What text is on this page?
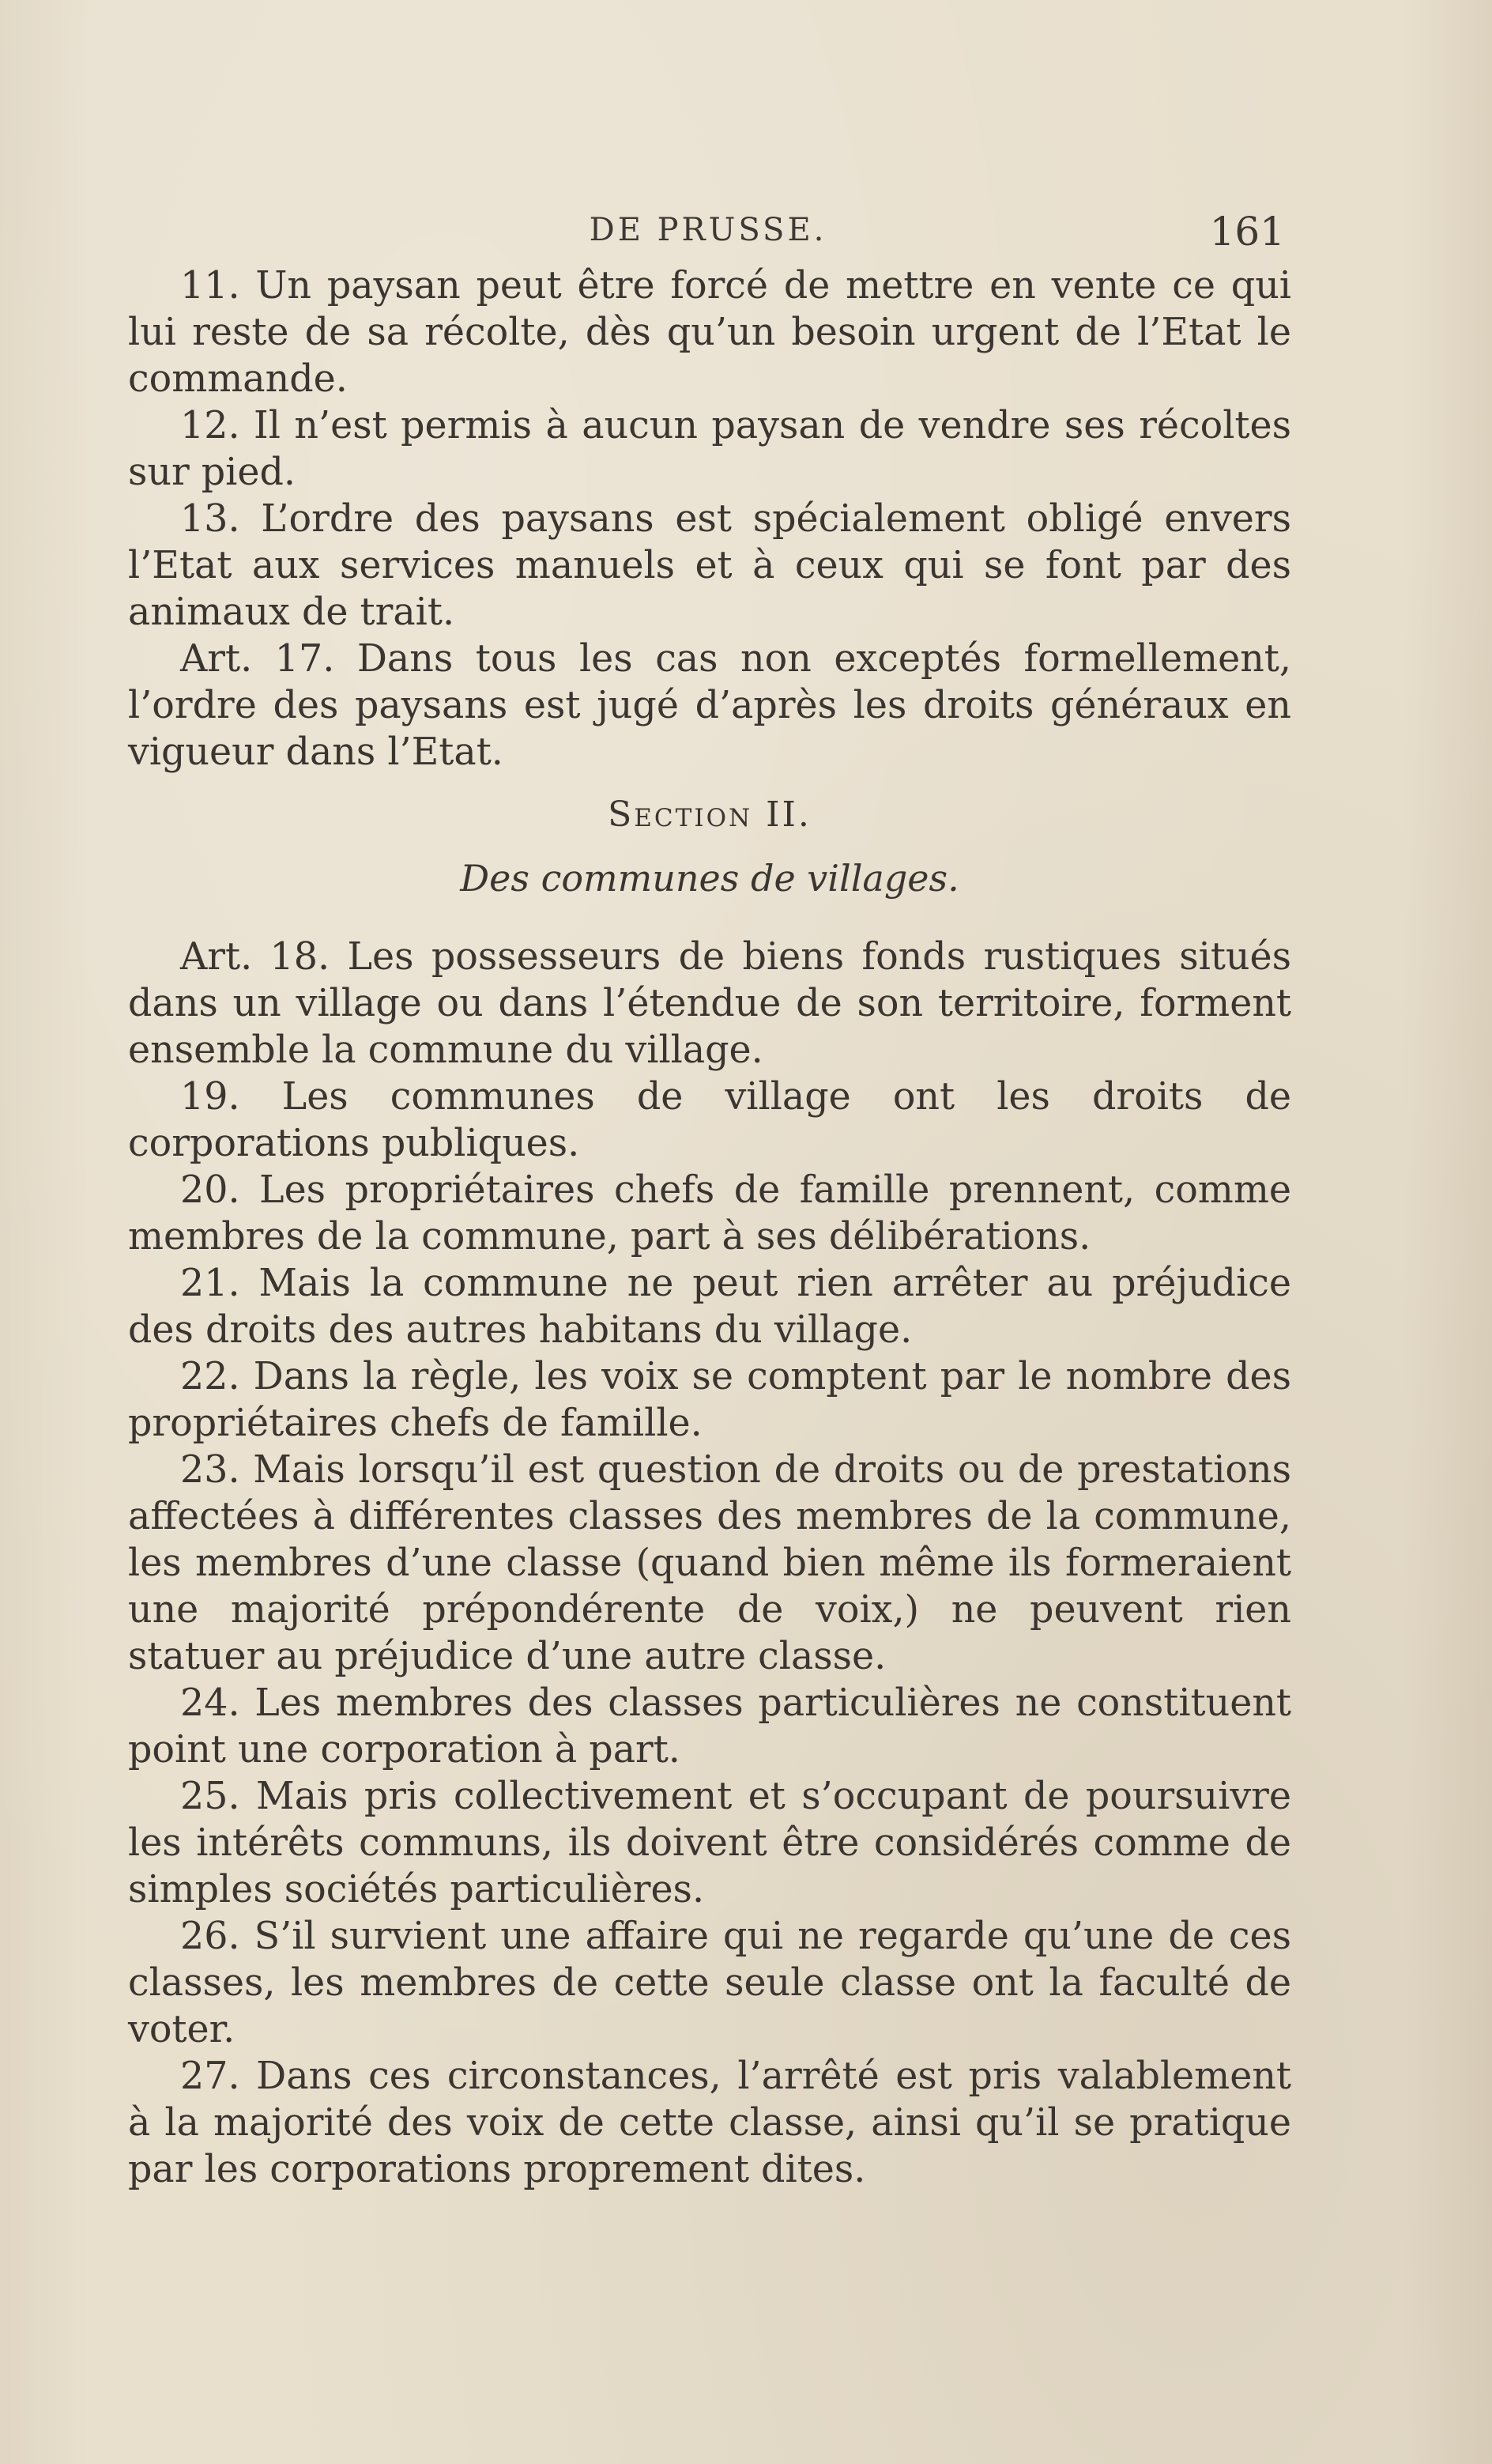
DE PRUSSE.	161

11. Un paysan peut être forcé de mettre en vente ce qui lui reste de sa récolte, dès qu’un besoin urgent de l’Etat le commande.

12. Il n’est permis à aucun paysan de vendre ses récoltes sur pied.

13. L’ordre des paysans est spécialement obligé envers l’Etat aux services manuels et à ceux qui se font par des animaux de trait.

Art. 17. Dans tous les cas non exceptés formellement, l’ordre des paysans est jugé d’après les droits généraux en vigueur dans l’Etat.

Section II.
Des communes de villages.

Art. 18. Les possesseurs de biens fonds rustiques situés dans un village ou dans l’étendue de son territoire, forment ensemble la commune du village.

19. Les communes de village ont les droits de corporations publiques.

20. Les propriétaires chefs de famille prennent, comme membres de la commune, part à ses délibérations.

21. Mais la commune ne peut rien arrêter au préjudice des droits des autres habitans du village.

22. Dans la règle, les voix se comptent par le nombre des propriétaires chefs de famille.

23. Mais lorsqu’il est question de droits ou de prestations affectées à différentes classes des membres de la commune, les membres d’une classe (quand bien même ils formeraient une majorité prépondérente de voix,) ne peuvent rien statuer au préjudice d’une autre classe.

24. Les membres des classes particulières ne constituent point une corporation à part.

25. Mais pris collectivement et s’occupant de poursuivre les intérêts communs, ils doivent être considérés comme de simples sociétés particulières.

26. S’il survient une affaire qui ne regarde qu’une de ces classes, les membres de cette seule classe ont la faculté de voter.

27. Dans ces circonstances, l’arrêté est pris valablement à la majorité des voix de cette classe, ainsi qu’il se pratique par les corporations proprement dites.
